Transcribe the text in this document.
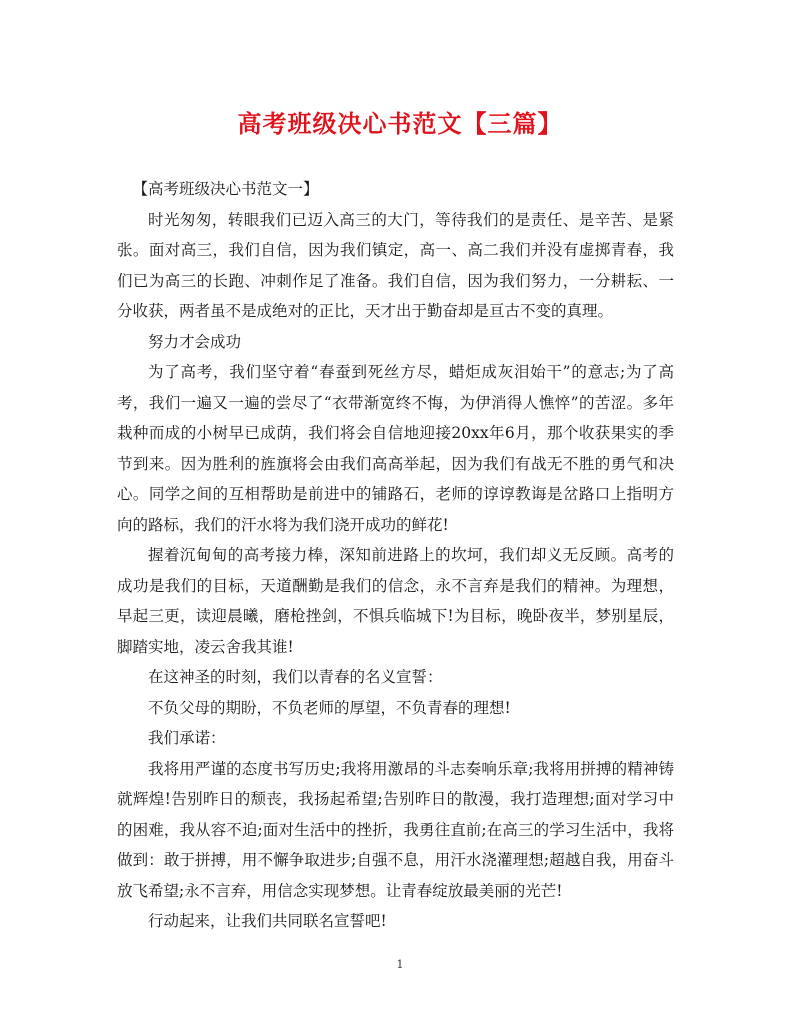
高考班级决心书范文【三篇】

【高考班级决心书范文一】

时光匆匆，转眼我们已迈入高三的大门，等待我们的是责任、是辛苦、是紧张。面对高三，我们自信，因为我们镇定，高一、高二我们并没有虚掷青春，我们已为高三的长跑、冲刺作足了准备。我们自信，因为我们努力，一分耕耘、一分收获，两者虽不是成绝对的正比，天才出于勤奋却是亘古不变的真理。

努力才会成功

为了高考，我们坚守着“春蚕到死丝方尽，蜡炬成灰泪始干”的意志;为了高考，我们一遍又一遍的尝尽了“衣带渐宽终不悔，为伊消得人憔悴”的苦涩。多年栽种而成的小树早已成荫，我们将会自信地迎接20xx年6月，那个收获果实的季节到来。因为胜利的旌旗将会由我们高高举起，因为我们有战无不胜的勇气和决心。同学之间的互相帮助是前进中的铺路石，老师的谆谆教诲是岔路口上指明方向的路标，我们的汗水将为我们浇开成功的鲜花!

握着沉甸甸的高考接力棒，深知前进路上的坎坷，我们却义无反顾。高考的成功是我们的目标，天道酬勤是我们的信念，永不言弃是我们的精神。为理想，早起三更，读迎晨曦，磨枪挫剑，不惧兵临城下!为目标，晚卧夜半，梦别星辰，脚踏实地，凌云舍我其谁!

在这神圣的时刻，我们以青春的名义宣誓：

不负父母的期盼，不负老师的厚望，不负青春的理想!

我们承诺：

我将用严谨的态度书写历史;我将用激昂的斗志奏响乐章;我将用拼搏的精神铸就辉煌!告别昨日的颓丧，我扬起希望;告别昨日的散漫，我打造理想;面对学习中的困难，我从容不迫;面对生活中的挫折，我勇往直前;在高三的学习生活中，我将做到：敢于拼搏，用不懈争取进步;自强不息，用汗水浇灌理想;超越自我，用奋斗放飞希望;永不言弃，用信念实现梦想。让青春绽放最美丽的光芒!

行动起来，让我们共同联名宣誓吧!

1
